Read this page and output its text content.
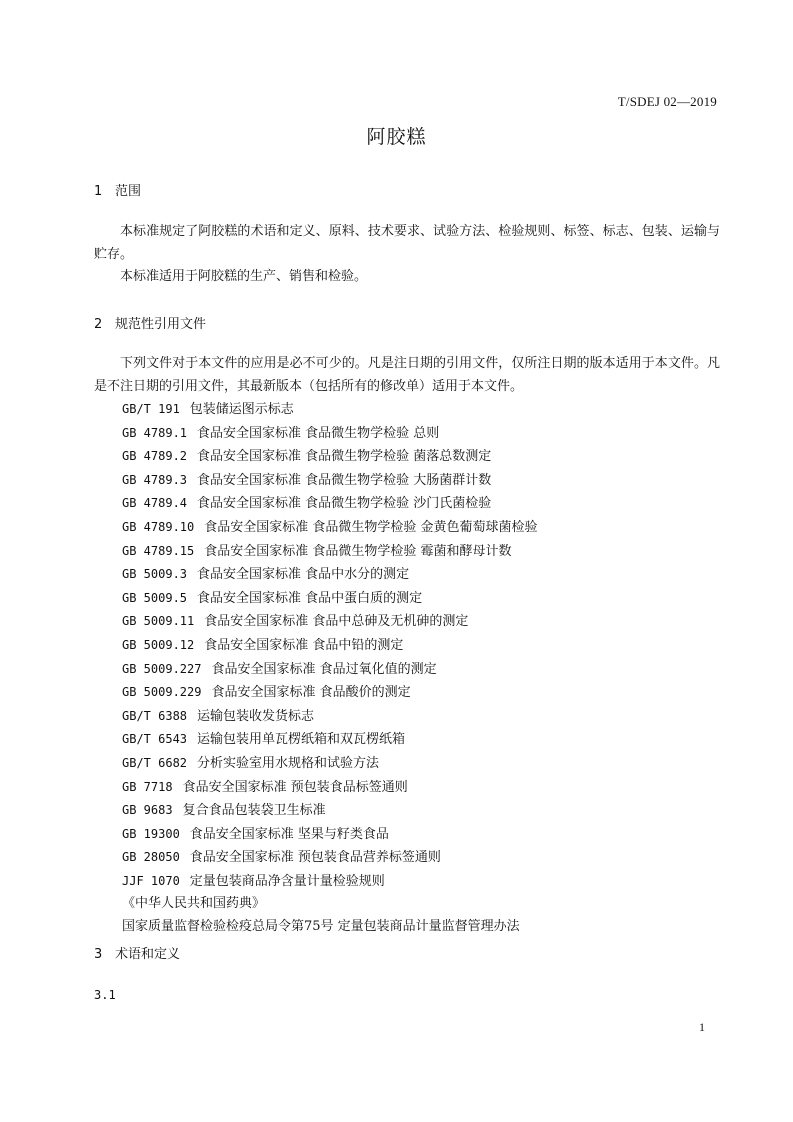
T/SDEJ 02—2019
阿胶糕
1 范围
本标准规定了阿胶糕的术语和定义、原料、技术要求、试验方法、检验规则、标签、标志、包装、运输与贮存。
本标准适用于阿胶糕的生产、销售和检验。
2 规范性引用文件
下列文件对于本文件的应用是必不可少的。凡是注日期的引用文件，仅所注日期的版本适用于本文件。凡是不注日期的引用文件，其最新版本（包括所有的修改单）适用于本文件。
GB/T 191 包装储运图示标志
GB 4789.1 食品安全国家标准 食品微生物学检验 总则
GB 4789.2 食品安全国家标准 食品微生物学检验 菌落总数测定
GB 4789.3 食品安全国家标准 食品微生物学检验 大肠菌群计数
GB 4789.4 食品安全国家标准 食品微生物学检验 沙门氏菌检验
GB 4789.10 食品安全国家标准 食品微生物学检验 金黄色葡萄球菌检验
GB 4789.15 食品安全国家标准 食品微生物学检验 霉菌和酵母计数
GB 5009.3 食品安全国家标准 食品中水分的测定
GB 5009.5 食品安全国家标准 食品中蛋白质的测定
GB 5009.11 食品安全国家标准 食品中总砷及无机砷的测定
GB 5009.12 食品安全国家标准 食品中铅的测定
GB 5009.227 食品安全国家标准 食品过氧化值的测定
GB 5009.229 食品安全国家标准 食品酸价的测定
GB/T 6388 运输包装收发货标志
GB/T 6543 运输包装用单瓦楞纸箱和双瓦楞纸箱
GB/T 6682 分析实验室用水规格和试验方法
GB 7718 食品安全国家标准 预包装食品标签通则
GB 9683 复合食品包装袋卫生标准
GB 19300 食品安全国家标准 坚果与籽类食品
GB 28050 食品安全国家标准 预包装食品营养标签通则
JJF 1070 定量包装商品净含量计量检验规则
《中华人民共和国药典》
国家质量监督检验检疫总局令第75号 定量包装商品计量监督管理办法
3 术语和定义
3.1
1
